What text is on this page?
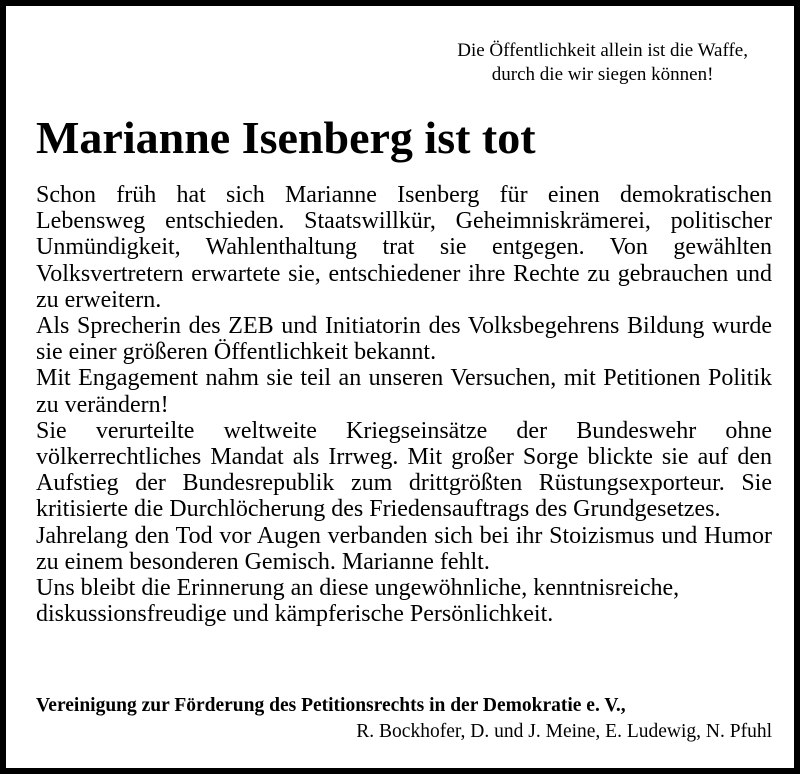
Die Öffentlichkeit allein ist die Waffe,
durch die wir siegen können!
Marianne Isenberg ist tot

Schon früh hat sich Marianne Isenberg für einen demokratischen Lebensweg entschieden. Staatswillkür, Geheimniskrämerei, politischer Unmündigkeit, Wahlenthaltung trat sie entgegen. Von gewählten Volksvertretern erwartete sie, entschiedener ihre Rechte zu gebrauchen und zu erweitern.

Als Sprecherin des ZEB und Initiatorin des Volksbegehrens Bildung wurde sie einer größeren Öffentlichkeit bekannt.

Mit Engagement nahm sie teil an unseren Versuchen, mit Petitionen Politik zu verändern!

Sie verurteilte weltweite Kriegseinsätze der Bundeswehr ohne völkerrechtliches Mandat als Irrweg. Mit großer Sorge blickte sie auf den Aufstieg der Bundesrepublik zum drittgrößten Rüstungsexporteur. Sie kritisierte die Durchlöcherung des Friedensauftrags des Grundgesetzes.

Jahrelang den Tod vor Augen verbanden sich bei ihr Stoizismus und Humor zu einem besonderen Gemisch. Marianne fehlt.

Uns bleibt die Erinnerung an diese ungewöhnliche, kenntnisreiche, diskussionsfreudige und kämpferische Persönlichkeit.

Vereinigung zur Förderung des Petitionsrechts in der Demokratie e. V.,
R. Bockhofer, D. und J. Meine, E. Ludewig, N. Pfuhl
